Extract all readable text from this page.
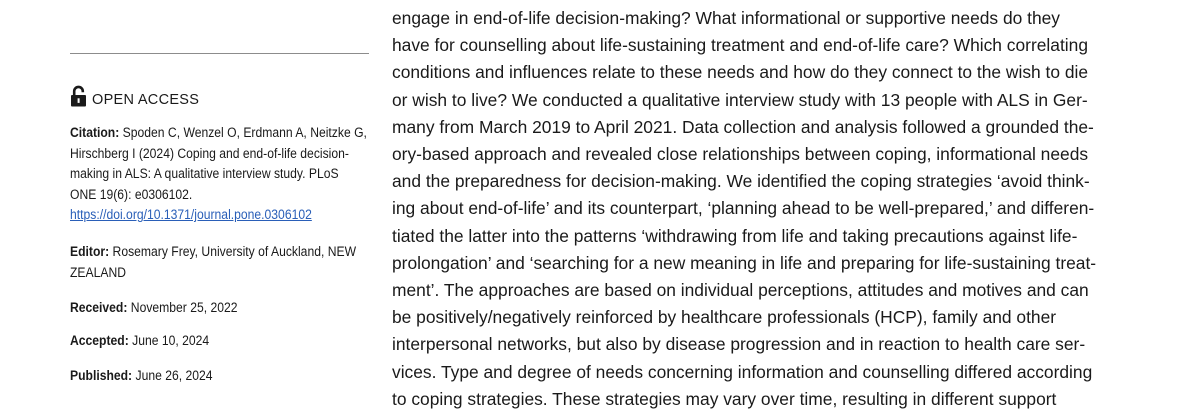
OPEN ACCESS
Citation: Spoden C, Wenzel O, Erdmann A, Neitzke G, Hirschberg I (2024) Coping and end-of-life decision-making in ALS: A qualitative interview study. PLoS ONE 19(6): e0306102. https://doi.org/10.1371/journal.pone.0306102
Editor: Rosemary Frey, University of Auckland, NEW ZEALAND
Received: November 25, 2022
Accepted: June 10, 2024
Published: June 26, 2024
engage in end-of-life decision-making? What informational or supportive needs do they
have for counselling about life-sustaining treatment and end-of-life care? Which correlating
conditions and influences relate to these needs and how do they connect to the wish to die
or wish to live? We conducted a qualitative interview study with 13 people with ALS in Ger-
many from March 2019 to April 2021. Data collection and analysis followed a grounded the-
ory-based approach and revealed close relationships between coping, informational needs
and the preparedness for decision-making. We identified the coping strategies ‘avoid think-
ing about end-of-life’ and its counterpart, ‘planning ahead to be well-prepared,’ and differen-
tiated the latter into the patterns ‘withdrawing from life and taking precautions against life-
prolongation’ and ‘searching for a new meaning in life and preparing for life-sustaining treat-
ment’. The approaches are based on individual perceptions, attitudes and motives and can
be positively/negatively reinforced by healthcare professionals (HCP), family and other
interpersonal networks, but also by disease progression and in reaction to health care ser-
vices. Type and degree of needs concerning information and counselling differed according
to coping strategies. These strategies may vary over time, resulting in different support
